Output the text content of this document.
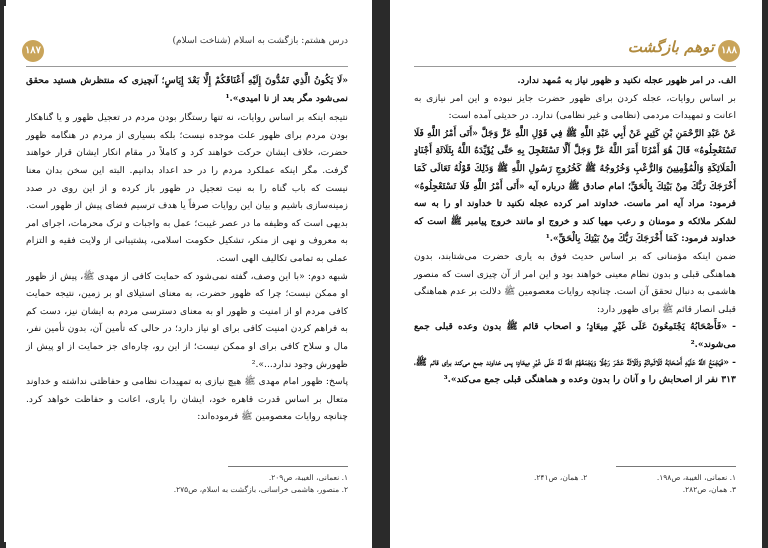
درس هشتم: بازگشت به اسلام (شناخت اسلام)
۱۸۷

«لَا يَكُونُ الَّذِي تَمُدُّونَ إِلَيْهِ أَعْنَاقَكُمْ إِلَّا بَعْدَ إِيَاسٍ؛ آنچیزی که منتظرش هستید محقق نمی‌شود مگر بعد از نا امیدی».¹

نتیجه اینکه بر اساس روایات، نه تنها رستگار بودن مردم در تعجیل ظهور و یا گناهکار بودن مردم برای ظهور علت موجده نیست؛ بلکه بسیاری از مردم در هنگامه ظهور حضرت، خلاف ایشان حرکت خواهند کرد و کاملاً در مقام انکار ایشان قرار خواهند گرفت. مگر اینکه عملکرد مردم را در حد اعداد بدانیم. البته این سخن بدان معنا نیست که باب گناه را به نیت تعجیل در ظهور باز کرده و از این روی در صدد زمینه‌سازی باشیم و بیان این روایات صرفاً یا هدف ترسیم فضای پیش از ظهور است. بدیهی است که وظیفه ما در عصر غیبت؛ عمل به واجبات و ترک محرمات، اجرای امر به معروف و نهی از منکر، تشکیل حکومت اسلامی، پشتیبانی از ولایت فقیه و التزام عملی به تمامی تکالیف الهی است.

شبهه دوم: «با این وصف، گفته نمی‌شود که حمایت کافی از مهدی ﷺ، پیش از ظهور او ممکن نیست؛ چرا که ظهور حضرت، به معنای استیلای او بر زمین، نتیجه حمایت کافی مردم او از امنیت و ظهور او به معنای دسترسی مردم به ایشان نیز، دست کم به فراهم کردن امنیت کافی برای او نیاز دارد؛ در حالی که تأمین آن، بدون تأمین نفر، مال و سلاح کافی برای او ممکن نیست؛ از این رو، چاره‌ای جز حمایت از او پیش از ظهورش وجود ندارد...».²

پاسخ: ظهور امام مهدی ﷺ هیچ نیازی به تمهیدات نظامی و حفاظتی نداشته و خداوند متعال بر اساس قدرت قاهره خود، ایشان را یاری، اعانت و حفاظت خواهد کرد. چنانچه روایات معصومین ﷺ فرموده‌اند:

۱. نعمانی، الغیبة، ص۲۰۹.

۲. منصور، هاشمی خراسانی، بازگشت به اسلام، ص۲۷۵.

توهم بازگشت ۱۸۸

الف. در امر ظهور عجله نکنید و ظهور نیاز به مُمهد ندارد.

بر اساس روایات، عجله کردن برای ظهور حضرت جایز نبوده و این امر نیازی به اعانت و تمهیدات مردمی (نظامی و غیر نظامی) ندارد. در حدیثی آمده است:

عَنْ عَبْدِ الرَّحْمَنِ بْنِ كَثِيرٍ عَنْ أَبِي عَبْدِ اللَّهِ ﷺ فِي قَوْلِ اللَّهِ عَزَّ وَجَلَّ «أَتَى أَمْرُ اللَّهِ فَلَا تَسْتَعْجِلُوهُ» قَالَ هُوَ أَمْرُنَا أَمَرَ اللَّهُ عَزَّ وَجَلَّ أَلَّا تَسْتَعْجِلَ بِهِ حَتَّى يُؤَيِّدَهُ اللَّهُ بِثَلَاثَةِ أَجْنَادٍ الْمَلَائِكَةِ وَالْمُؤْمِنِينَ وَالرُّعْبِ وَخُرُوجُهُ ﷺ كَخُرُوجِ رَسُولِ اللَّهِ ﷺ وَذَلِكَ قَوْلُهُ تَعَالَى كَمَا أَخْرَجَكَ رَبُّكَ مِنْ بَيْتِكَ بِالْحَقِّ؛ امام صادق ﷺ درباره آیه «أَتَى أَمْرُ اللَّهِ فَلَا تَسْتَعْجِلُوهُ» فرمود: مراد آیه امر ماست. خداوند امر کرده عجله نکنید تا خداوند او را به سه لشکر ملائکه و مومنان و رعب مهیا کند و خروج او مانند خروج پیامبر ﷺ است که خداوند فرمود: کَمَا أَخْرَجَكَ رَبُّكَ مِنْ بَيْتِكَ بِالْحَقِّ».¹

ضمن اینکه مؤمنانی که بر اساس حدیث فوق به یاری حضرت می‌شتابند، بدون هماهنگی قبلی و بدون نظام معینی خواهند بود و این امر از آن چیزی است که منصور هاشمی به دنبال تحقق آن است. چنانچه روایات معصومین ﷺ دلالت بر عدم هماهنگی قبلی انصار قائم ﷺ برای ظهور دارد:

- «فَأَصْحَابُهُ يَجْتَمِعُونَ عَلَى غَيْرِ مِيعَادٍ؛ و اصحاب قائم ﷺ بدون وعده قبلی جمع می‌شوند».²

- «فَيَجْمَعُ اللَّهُ عَلَيْهِ أَصْحَابَهُ ثَلَاثَمِائَةٍ وَثَلَاثَةَ عَشَرَ رَجُلًا وَيَجْمَعُهُمُ اللَّهُ لَهُ عَلَى غَيْرِ مِيعَادٍ؛ پس خداوند جمع می‌کند برای قائم ﷺ، ۳۱۳ نفر از اصحابش را و آنان را بدون وعده و هماهنگی قبلی جمع می‌کند».³

۱. نعمانی، الغیبة، ص۱۹۸.

۲. همان، ص۲۴۱.

۳. همان، ص۲۸۲.
